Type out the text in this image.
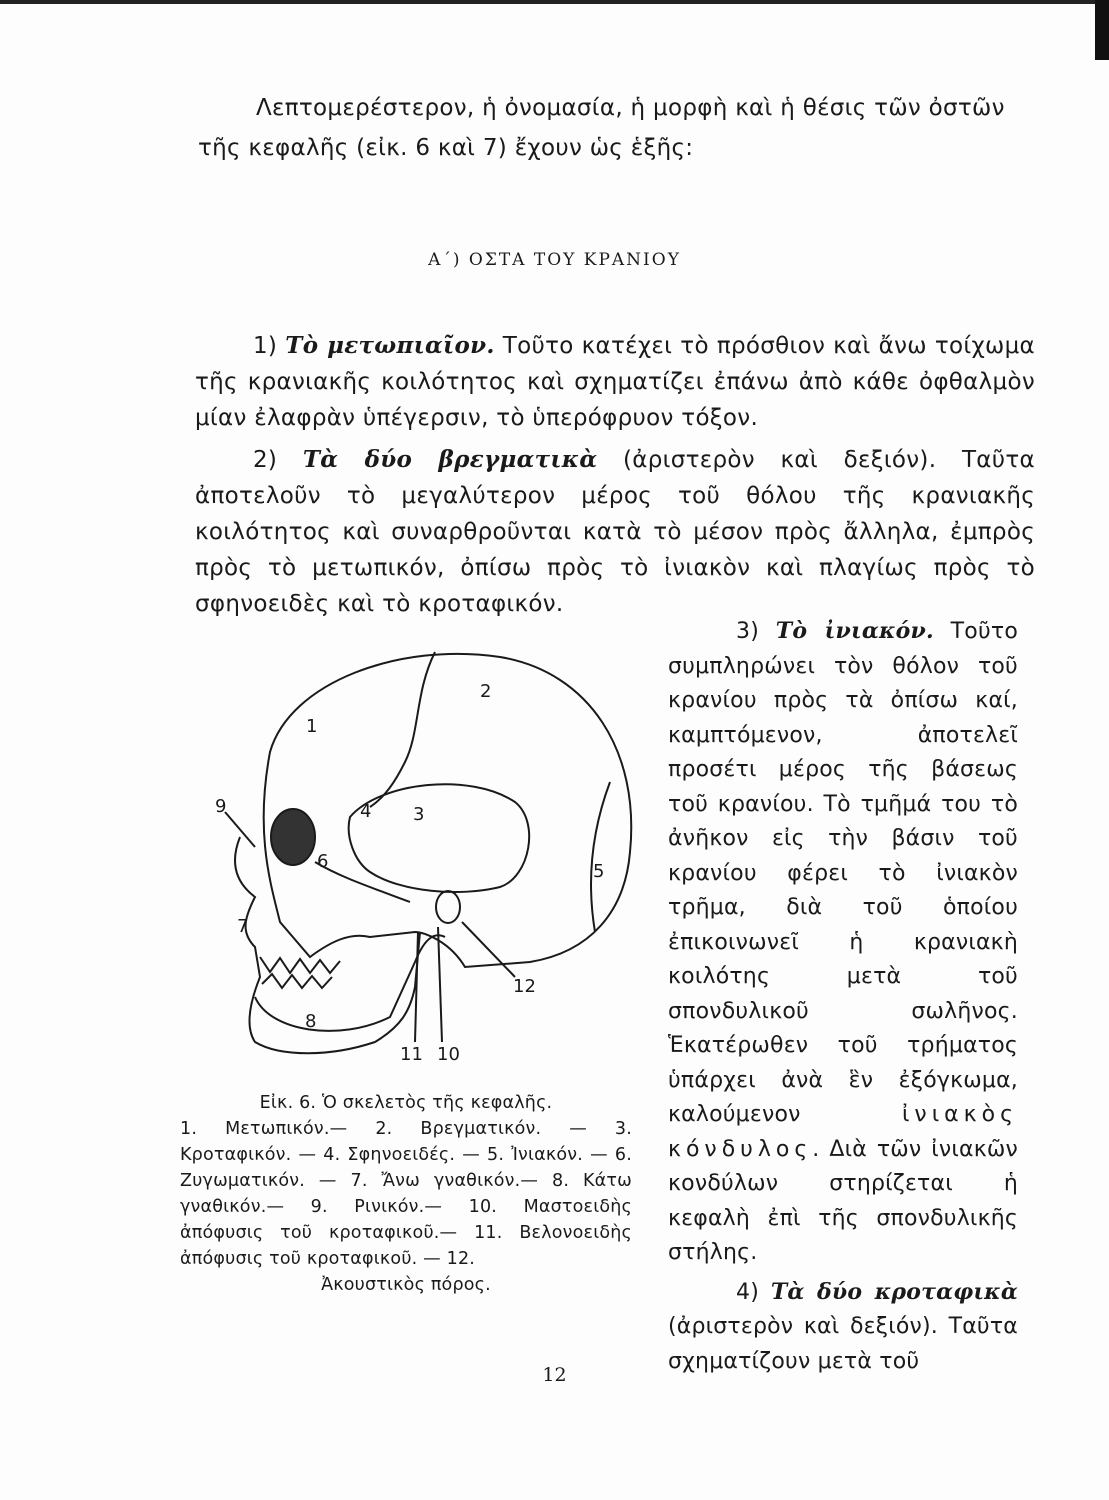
Λεπτομερέστερον, ἡ ὀνομασία, ἡ μορφὴ καὶ ἡ θέσις τῶν ὀστῶν
τῆς κεφαλῆς (εἰκ. 6 καὶ 7) ἔχουν ὡς ἑξῆς:
Α΄) ΟΣΤΑ ΤΟΥ ΚΡΑΝΙΟΥ
1) Τὸ μετωπιαῖον. Τοῦτο κατέχει τὸ πρόσθιον καὶ ἄνω τοίχωμα τῆς κρανιακῆς κοιλότητος καὶ σχηματίζει ἐπάνω ἀπὸ κάθε ὀφθαλμὸν μίαν ἐλαφρὰν ὑπέγερσιν, τὸ ὑπερόφρυον τόξον.
2) Τὰ δύο βρεγματικὰ (ἀριστερὸν καὶ δεξιόν). Ταῦτα ἀποτελοῦν τὸ μεγαλύτερον μέρος τοῦ θόλου τῆς κρανιακῆς κοιλότητος καὶ συναρθροῦνται κατὰ τὸ μέσον πρὸς ἄλληλα, ἐμπρὸς πρὸς τὸ μετωπικόν, ὀπίσω πρὸς τὸ ἰνιακὸν καὶ πλαγίως πρὸς τὸ σφηνοειδὲς καὶ τὸ κροταφικόν.
3) Τὸ ἰνιακόν. Τοῦτο συμπληρώνει τὸν θόλον τοῦ κρανίου πρὸς τὰ ὀπίσω καί, καμπτόμενον, ἀποτελεῖ προσέτι μέρος τῆς βάσεως τοῦ κρανίου. Τὸ τμῆμά του τὸ ἀνῆκον εἰς τὴν βάσιν τοῦ κρανίου φέρει τὸ ἰνιακὸν τρῆμα, διὰ τοῦ ὁποίου ἐπικοινωνεῖ ἡ κρανιακὴ κοιλότης μετὰ τοῦ σπονδυλικοῦ σωλῆνος. Ἑκατέρωθεν τοῦ τρήματος ὑπάρχει ἀνὰ ἓν ἐξόγκωμα, καλούμενον	ἰνιακὸς κόνδυλος. Διὰ τῶν ἰνιακῶν κονδύλων στηρίζεται ἡ κεφαλὴ ἐπὶ τῆς σπονδυλικῆς στήλης.
4) Τὰ δύο κροταφικὰ (ἀριστερὸν καὶ δεξιόν). Ταῦτα σχηματίζουν μετὰ τοῦ
1
2
3
4
5
6
7
8
9
10
11
12
Εἰκ. 6. Ὁ σκελετὸς τῆς κεφαλῆς.
1. Μετωπικόν.— 2. Βρεγματικόν. — 3. Κροταφικόν. — 4. Σφηνοειδές. — 5. Ἰνιακόν. — 6. Ζυγωματικόν. — 7. Ἄνω γναθικόν.— 8. Κάτω γναθικόν.— 9. Ρινικόν.— 10. Μαστοειδὴς ἀπόφυσις τοῦ κροταφικοῦ.— 11. Βελονοειδὴς ἀπόφυσις τοῦ κροταφικοῦ. — 12.
Ἀκουστικὸς πόρος.
12
